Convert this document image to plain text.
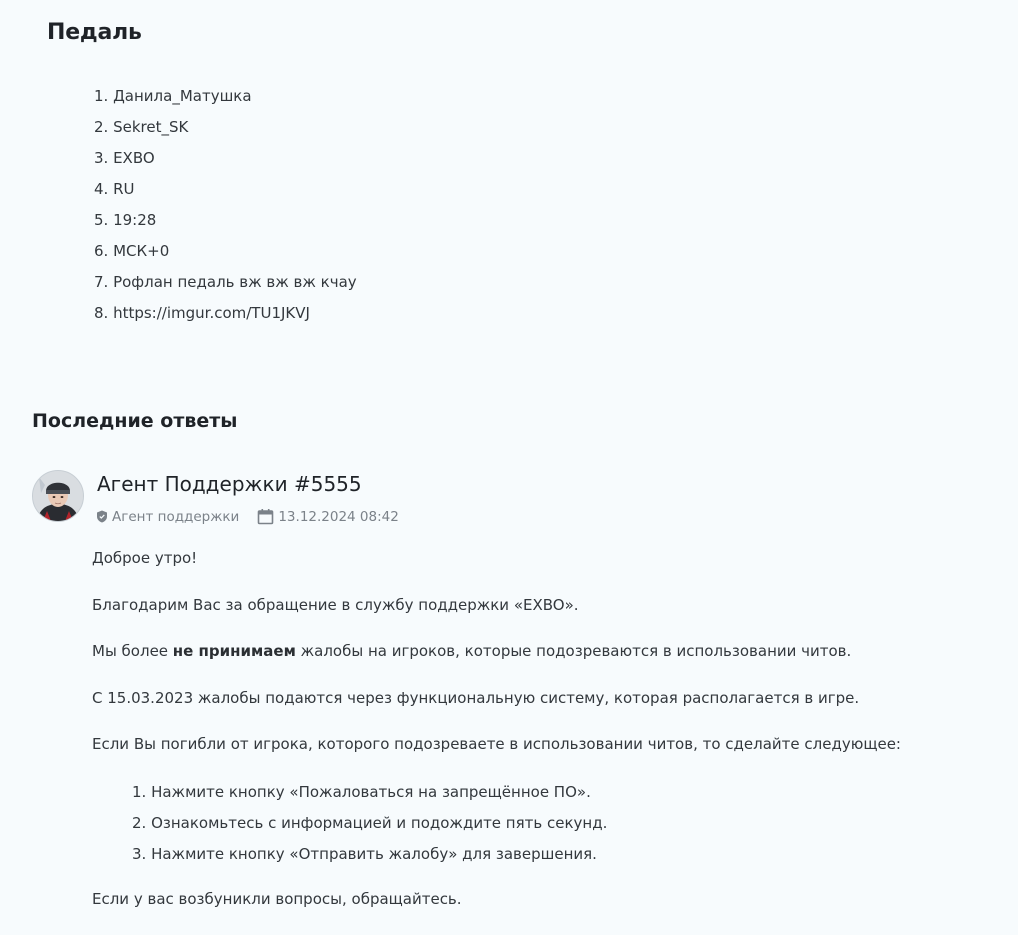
Педаль
1. Данила_Матушка
2. Sekret_SK
3. EXBO
4. RU
5. 19:28
6. МСК+0
7. Рофлан педаль вж вж вж кчау
8. https://imgur.com/TU1JKVJ
Последние ответы
Агент Поддержки #5555
Агент поддержки	13.12.2024 08:42

Доброе утро!

Благодарим Вас за обращение в службу поддержки «EXBO».

Мы более не принимаем жалобы на игроков, которые подозреваются в использовании читов.

С 15.03.2023 жалобы подаются через функциональную систему, которая располагается в игре.

Если Вы погибли от игрока, которого подозреваете в использовании читов, то сделайте следующее:

1. Нажмите кнопку «Пожаловаться на запрещённое ПО».
2. Ознакомьтесь с информацией и подождите пять секунд.
3. Нажмите кнопку «Отправить жалобу» для завершения.

Если у вас возбуникли вопросы, обращайтесь.
